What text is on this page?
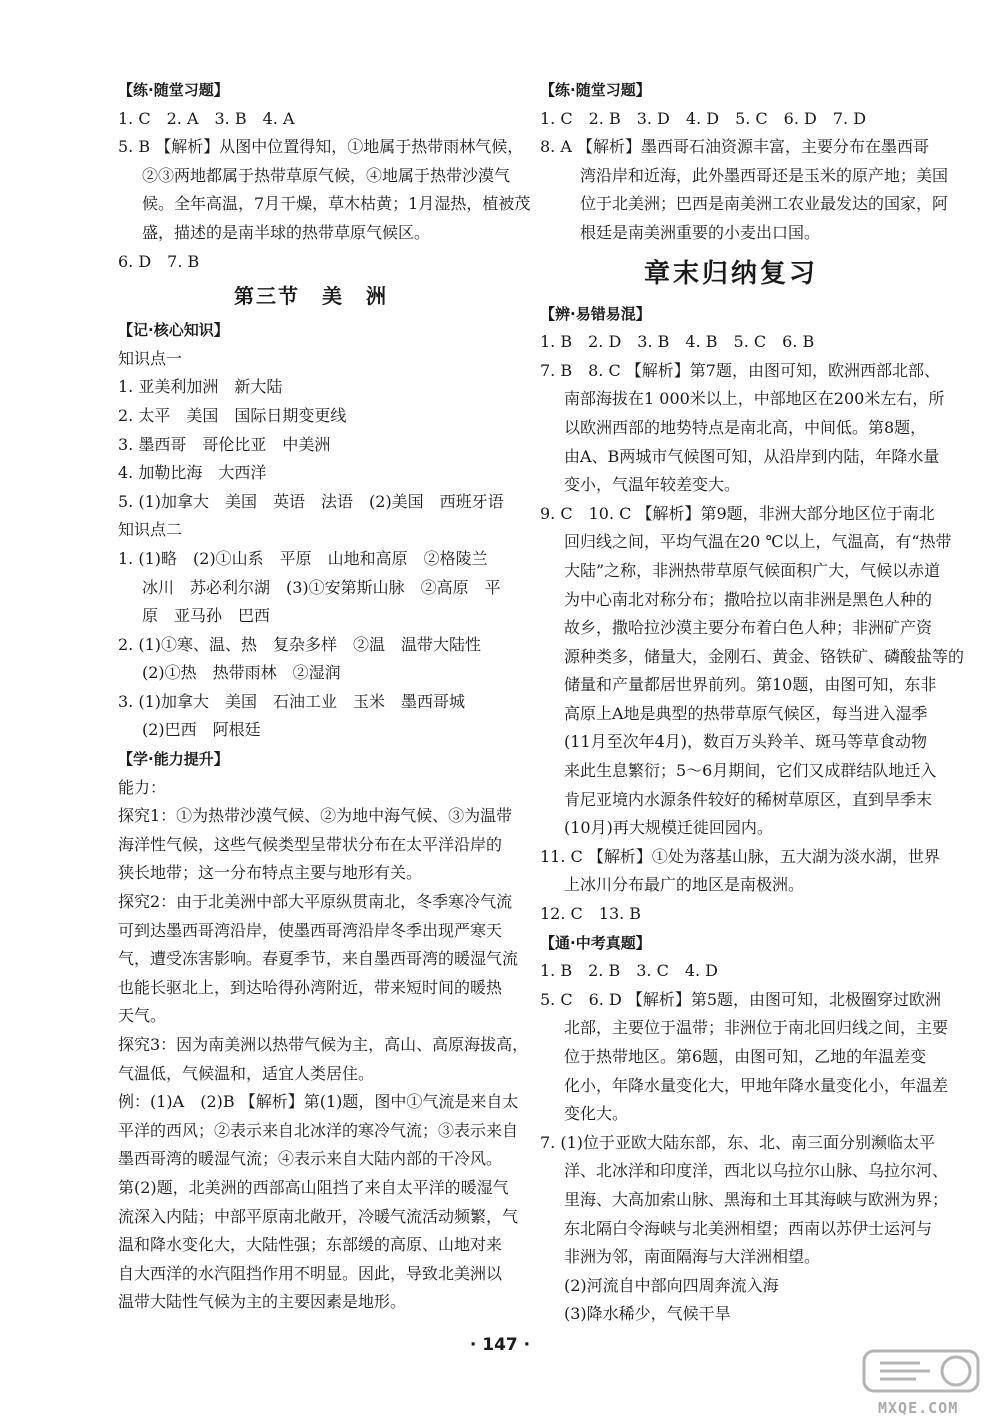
【练·随堂习题】
1. C　2. A　3. B　4. A
5. B 【解析】从图中位置得知，①地属于热带雨林气候，
②③两地都属于热带草原气候，④地属于热带沙漠气
候。全年高温，7月干燥，草木枯黄；1月湿热，植被茂
盛，描述的是南半球的热带草原气候区。
6. D　7. B
第三节　美　洲
【记·核心知识】
知识点一
1. 亚美利加洲　新大陆
2. 太平　美国　国际日期变更线
3. 墨西哥　哥伦比亚　中美洲
4. 加勒比海　大西洋
5. (1)加拿大　美国　英语　法语　(2)美国　西班牙语
知识点二
1. (1)略　(2)①山系　平原　山地和高原　②格陵兰
冰川　苏必利尔湖　(3)①安第斯山脉　②高原　平
原　亚马孙　巴西
2. (1)①寒、温、热　复杂多样　②温　温带大陆性
(2)①热　热带雨林　②湿润
3. (1)加拿大　美国　石油工业　玉米　墨西哥城
(2)巴西　阿根廷
【学·能力提升】
能力：
探究1：①为热带沙漠气候、②为地中海气候、③为温带
海洋性气候，这些气候类型呈带状分布在太平洋沿岸的
狭长地带；这一分布特点主要与地形有关。
探究2：由于北美洲中部大平原纵贯南北，冬季寒冷气流
可到达墨西哥湾沿岸，使墨西哥湾沿岸冬季出现严寒天
气，遭受冻害影响。春夏季节，来自墨西哥湾的暖湿气流
也能长驱北上，到达哈得孙湾附近，带来短时间的暖热
天气。
探究3：因为南美洲以热带气候为主，高山、高原海拔高，
气温低，气候温和，适宜人类居住。
例：(1)A　(2)B 【解析】第(1)题，图中①气流是来自太
平洋的西风；②表示来自北冰洋的寒冷气流；③表示来自
墨西哥湾的暖湿气流；④表示来自大陆内部的干冷风。
第(2)题，北美洲的西部高山阻挡了来自太平洋的暖湿气
流深入内陆；中部平原南北敞开，冷暖气流活动频繁，气
温和降水变化大，大陆性强；东部缓的高原、山地对来
自大西洋的水汽阻挡作用不明显。因此，导致北美洲以
温带大陆性气候为主的主要因素是地形。
【练·随堂习题】
1. C　2. B　3. D　4. D　5. C　6. D　7. D
8. A 【解析】墨西哥石油资源丰富，主要分布在墨西哥
湾沿岸和近海，此外墨西哥还是玉米的原产地；美国
位于北美洲；巴西是南美洲工农业最发达的国家，阿
根廷是南美洲重要的小麦出口国。
章末归纳复习
【辨·易错易混】
1. B　2. D　3. B　4. B　5. C　6. B
7. B　8. C 【解析】第7题，由图可知，欧洲西部北部、
南部海拔在1 000米以上，中部地区在200米左右，所
以欧洲西部的地势特点是南北高，中间低。第8题，
由A、B两城市气候图可知，从沿岸到内陆，年降水量
变小，气温年较差变大。
9. C　10. C 【解析】第9题，非洲大部分地区位于南北
回归线之间，平均气温在20 ℃以上，气温高，有“热带
大陆”之称，非洲热带草原气候面积广大，气候以赤道
为中心南北对称分布；撒哈拉以南非洲是黑色人种的
故乡，撒哈拉沙漠主要分布着白色人种；非洲矿产资
源种类多，储量大，金刚石、黄金、铬铁矿、磷酸盐等的
储量和产量都居世界前列。第10题，由图可知，东非
高原上A地是典型的热带草原气候区，每当进入湿季
(11月至次年4月)，数百万头羚羊、斑马等草食动物
来此生息繁衍；5～6月期间，它们又成群结队地迁入
肯尼亚境内水源条件较好的稀树草原区，直到旱季末
(10月)再大规模迁徙回园内。
11. C 【解析】①处为落基山脉，五大湖为淡水湖，世界
上冰川分布最广的地区是南极洲。
12. C　13. B
【通·中考真题】
1. B　2. B　3. C　4. D
5. C　6. D 【解析】第5题，由图可知，北极圈穿过欧洲
北部，主要位于温带；非洲位于南北回归线之间，主要
位于热带地区。第6题，由图可知，乙地的年温差变
化小，年降水量变化大，甲地年降水量变化小，年温差
变化大。
7. (1)位于亚欧大陆东部，东、北、南三面分别濒临太平
洋、北冰洋和印度洋，西北以乌拉尔山脉、乌拉尔河、
里海、大高加索山脉、黑海和土耳其海峡与欧洲为界；
东北隔白令海峡与北美洲相望；西南以苏伊士运河与
非洲为邻，南面隔海与大洋洲相望。
(2)河流自中部向四周奔流入海
(3)降水稀少，气候干旱
· 147 ·
MXQE.COM
